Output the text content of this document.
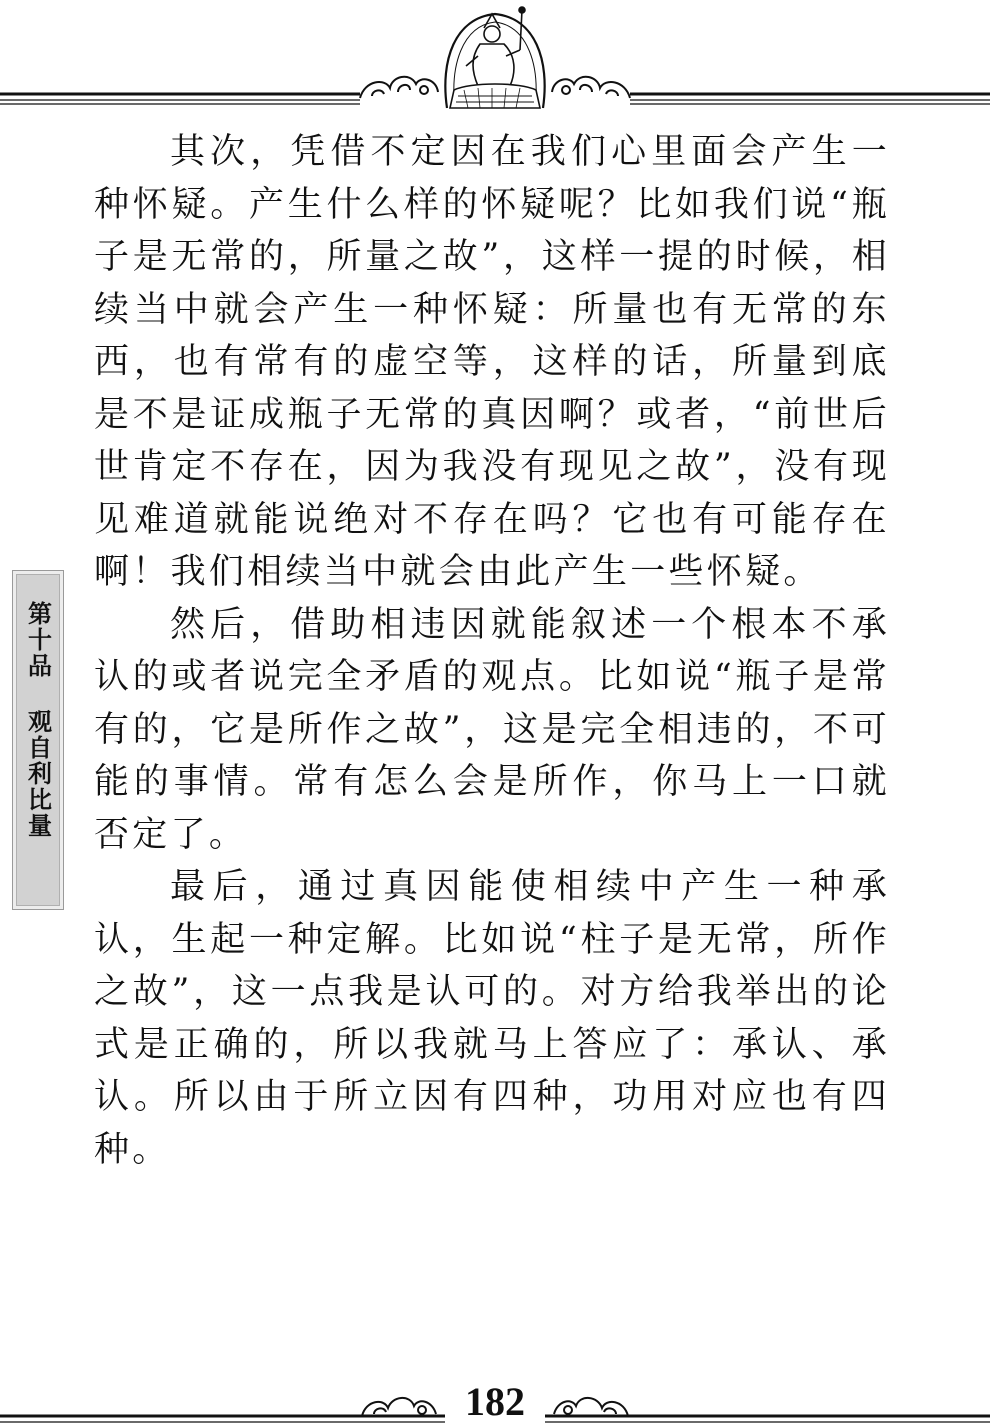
其次，凭借不定因在我们心里面会产生一种怀疑。产生什么样的怀疑呢？比如我们说“瓶子是无常的，所量之故”，这样一提的时候，相续当中就会产生一种怀疑：所量也有无常的东西，也有常有的虚空等，这样的话，所量到底是不是证成瓶子无常的真因啊？或者，“前世后世肯定不存在，因为我没有现见之故”，没有现见难道就能说绝对不存在吗？它也有可能存在啊！我们相续当中就会由此产生一些怀疑。

然后，借助相违因就能叙述一个根本不承认的或者说完全矛盾的观点。比如说“瓶子是常有的，它是所作之故”，这是完全相违的，不可能的事情。常有怎么会是所作，你马上一口就否定了。

最后，通过真因能使相续中产生一种承认，生起一种定解。比如说“柱子是无常，所作之故”，这一点我是认可的。对方给我举出的论式是正确的，所以我就马上答应了：承认、承认。所以由于所立因有四种，功用对应也有四种。

第十品 观自利比量
182
